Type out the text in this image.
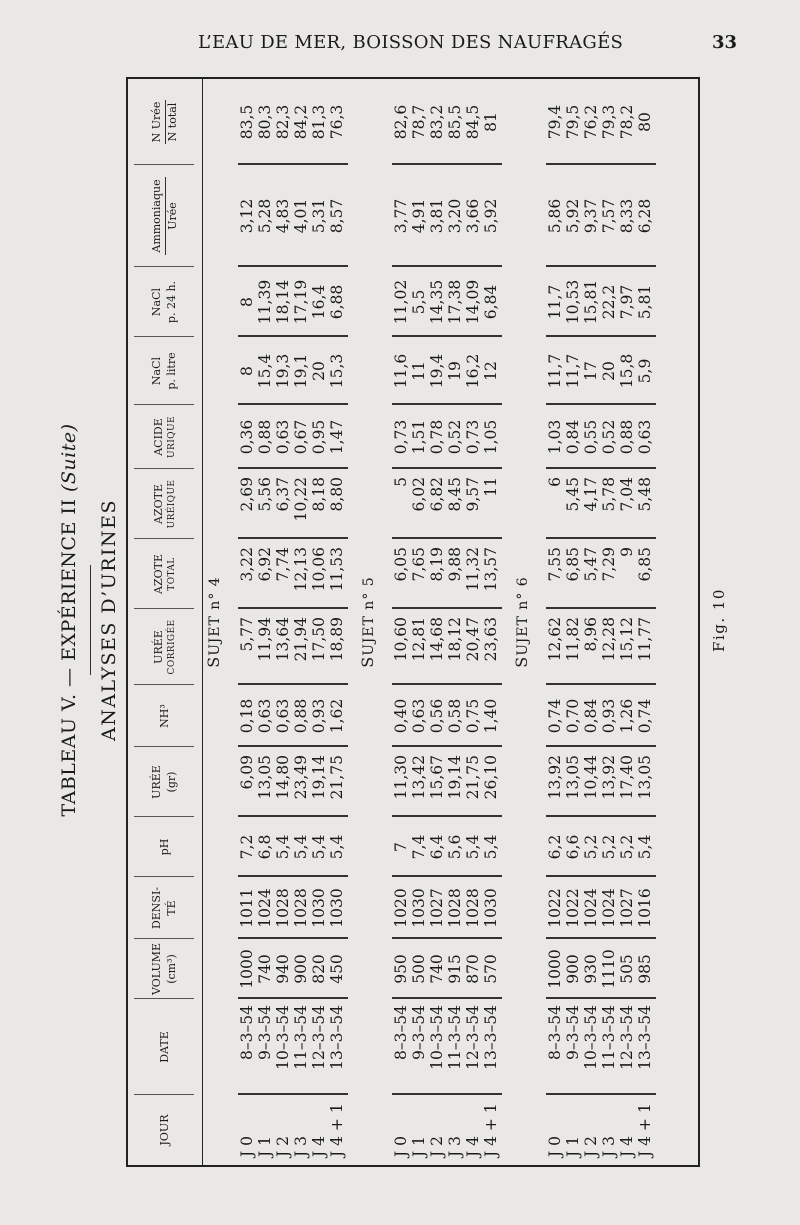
L’EAU DE MER, BOISSON DES NAUFRAGÉS	33
TABLEAU V. — EXPÉRIENCE II (Suite)
ANALYSES D’URINES
JOUR
DATE
VOLUME (cm³)
DENSI- TÉ
pH
URÉE (gr)
NH³
URÉE CORRIGÉE
AZOTE TOTAL
AZOTE URÉIQUE
ACIDE URIQUE
NaCl p. litre
NaCl p. 24 h.
Ammoniaque Urée
N Urée N total
SUJET n° 4
J 0
8–3–54
1000
1011
7,2
6,09
0,18
5,77
3,22
2,69
0,36
8
8
3,12
83,5
J 1
9–3–54
740
1024
6,8
13,05
0,63
11,94
6,92
5,56
0,88
15,4
11,39
5,28
80,3
J 2
10–3–54
940
1028
5,4
14,80
0,63
13,64
7,74
6,37
0,63
19,3
18,14
4,83
82,3
J 3
11–3–54
900
1028
5,4
23,49
0,88
21,94
12,13
10,22
0,67
19,1
17,19
4,01
84,2
J 4
12–3–54
820
1030
5,4
19,14
0,93
17,50
10,06
8,18
0,95
20
16,4
5,31
81,3
J 4 + 1
13–3–54
450
1030
5,4
21,75
1,62
18,89
11,53
8,80
1,47
15,3
6,88
8,57
76,3
SUJET n° 5
J 0
8–3–54
950
1020
7
11,30
0,40
10,60
6,05
5
0,73
11,6
11,02
3,77
82,6
J 1
9–3–54
500
1030
7,4
13,42
0,63
12,81
7,65
6,02
1,51
11
5,5
4,91
78,7
J 2
10–3–54
740
1027
6,4
15,67
0,56
14,68
8,19
6,82
0,78
19,4
14,35
3,81
83,2
J 3
11–3–54
915
1028
5,6
19,14
0,58
18,12
9,88
8,45
0,52
19
17,38
3,20
85,5
J 4
12–3–54
870
1028
5,4
21,75
0,75
20,47
11,32
9,57
0,73
16,2
14,09
3,66
84,5
J 4 + 1
13–3–54
570
1030
5,4
26,10
1,40
23,63
13,57
11
1,05
12
6,84
5,92
81
SUJET n° 6
J 0
8–3–54
1000
1022
6,2
13,92
0,74
12,62
7,55
6
1,03
11,7
11,7
5,86
79,4
J 1
9–3–54
900
1022
6,6
13,05
0,70
11,82
6,85
5,45
0,84
11,7
10,53
5,92
79,5
J 2
10–3–54
930
1024
5,2
10,44
0,84
8,96
5,47
4,17
0,55
17
15,81
9,37
76,2
J 3
11–3–54
1110
1024
5,2
13,92
0,93
12,28
7,29
5,78
0,52
20
22,2
7,57
79,3
J 4
12–3–54
505
1027
5,2
17,40
1,26
15,12
9
7,04
0,88
15,8
7,97
8,33
78,2
J 4 + 1
13–3–54
985
1016
5,4
13,05
0,74
11,77
6,85
5,48
0,63
5,9
5,81
6,28
80
Fig. 10
